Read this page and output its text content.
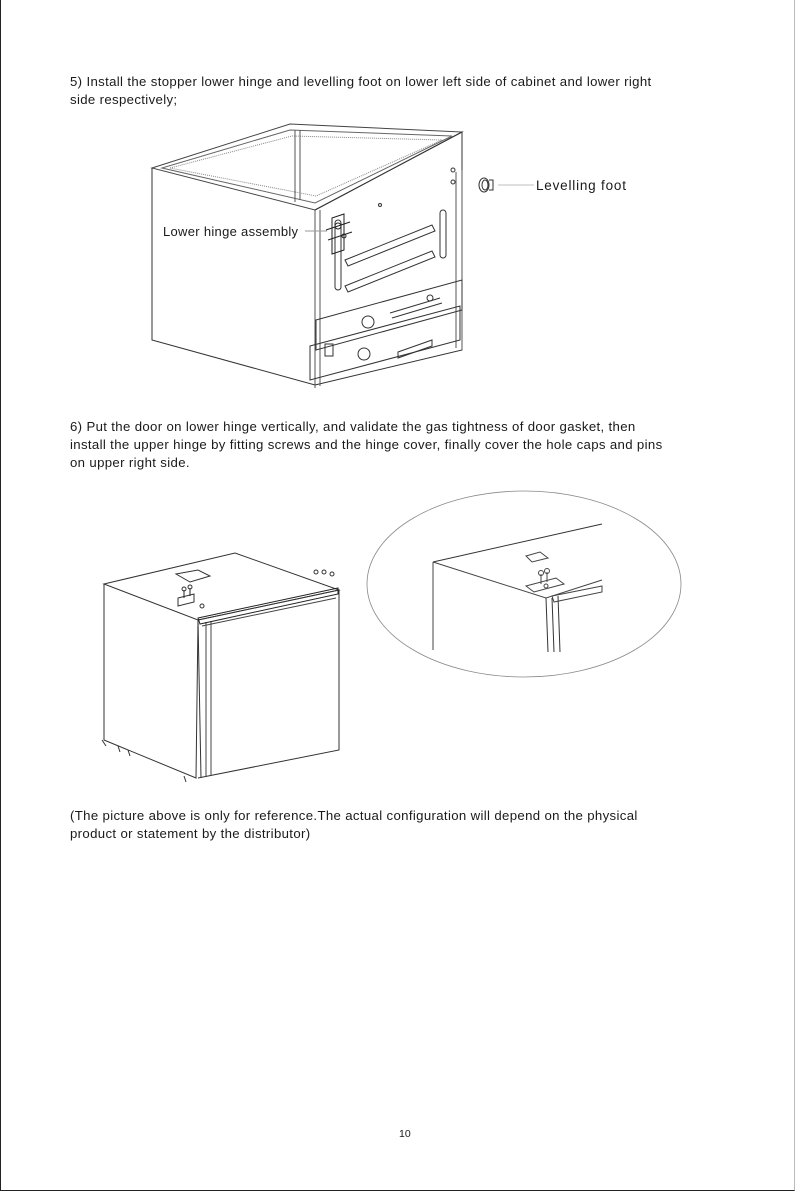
5) Install the stopper lower hinge and levelling foot on lower left side of cabinet and lower right
side respectively;
Lower hinge assembly
Levelling foot
6) Put the door on lower hinge vertically, and validate the gas tightness of door gasket, then
install the upper hinge by fitting screws and the hinge cover, finally cover the hole caps and pins
on upper right side.
(The picture above is only for reference.The actual configuration will depend on the physical
product or statement by the distributor)
10
